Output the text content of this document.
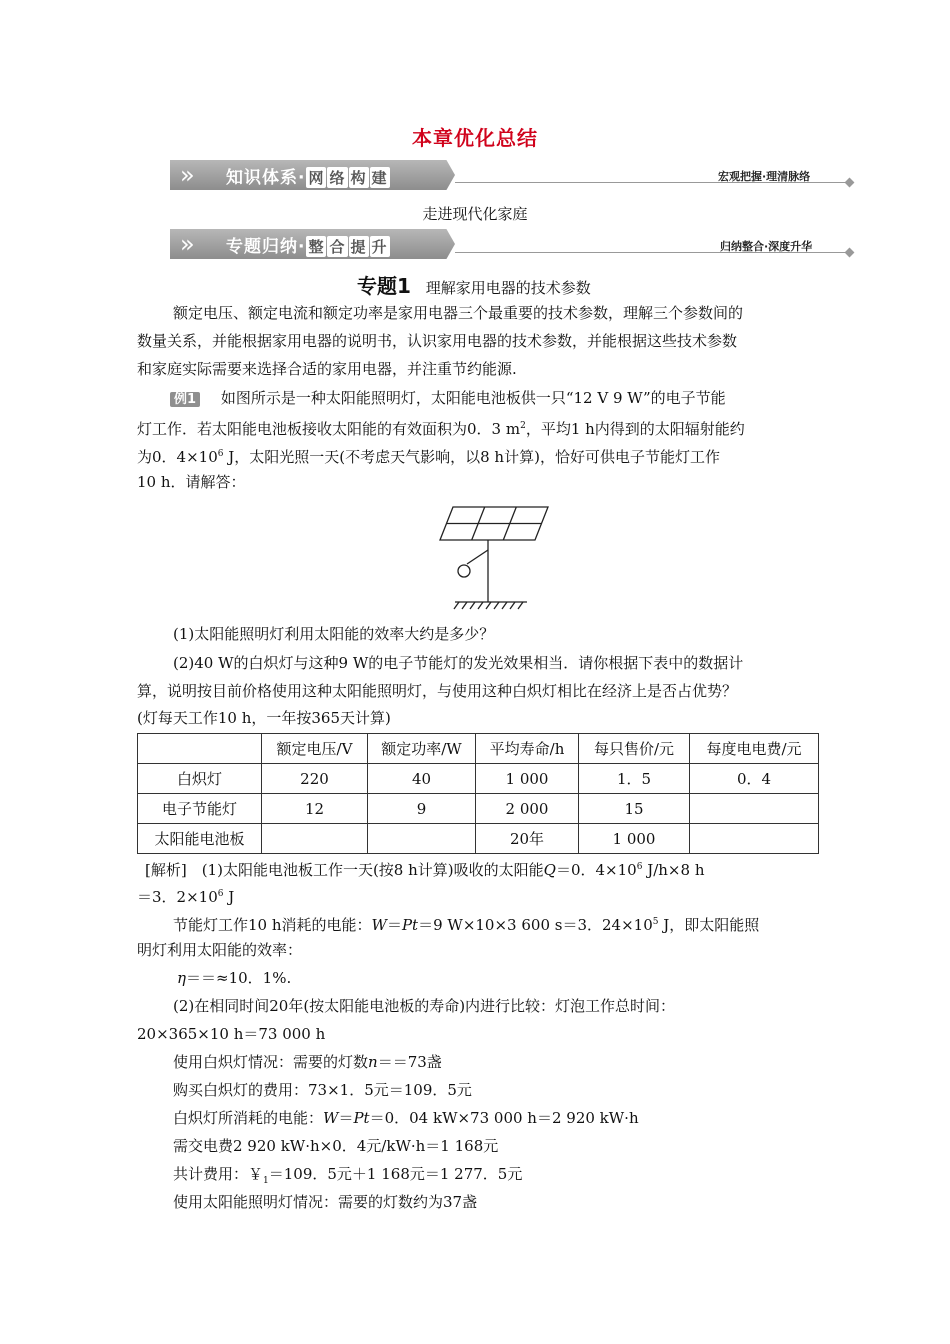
本章优化总结
» 知识体系· 网 络 构 建	宏观把握·理清脉络
走进现代化家庭
» 专题归纳· 整 合 提 升	归纳整合·深度升华
专题1 理解家用电器的技术参数
额定电压、额定电流和额定功率是家用电器三个最重要的技术参数，理解三个参数间的
数量关系，并能根据家用电器的说明书，认识家用电器的技术参数，并能根据这些技术参数
和家庭实际需要来选择合适的家用电器，并注重节约能源.
例1 如图所示是一种太阳能照明灯，太阳能电池板供一只“12 V 9 W”的电子节能
灯工作．若太阳能电池板接收太阳能的有效面积为0．3 $m^2$，平均1 h内得到的太阳辐射能约
为0．$4\times 10^6$ J，太阳光照一天(不考虑天气影响，以8 h计算)，恰好可供电子节能灯工作
10 h．请解答：
(1)太阳能照明灯利用太阳能的效率大约是多少？
(2)40 W的白炽灯与这种9 W的电子节能灯的发光效果相当．请你根据下表中的数据计
算，说明按目前价格使用这种太阳能照明灯，与使用这种白炽灯相比在经济上是否占优势？
(灯每天工作10 h，一年按365天计算)
	额定电压/V	额定功率/W	平均寿命/h	每只售价/元	每度电电费/元
白炽灯	220	40	1 000	1．5	0．4
电子节能灯	12	9	2 000	15	
太阳能电池板			20年	1 000	
[解析]　(1)太阳能电池板工作一天(按8 h计算)吸收的太阳能Q＝0．$4\times 10^6$ J/h×8 h
＝3．$2\times 10^6$ J
节能灯工作10 h消耗的电能：W＝Pt＝9 W×10×3 600 s＝3．$24\times 10^5$ J，即太阳能照
明灯利用太阳能的效率：
η＝＝≈10．1%.
(2)在相同时间20年(按太阳能电池板的寿命)内进行比较：灯泡工作总时间：
20×365×10 h＝73 000 h
使用白炽灯情况：需要的灯数n＝＝73盏
购买白炽灯的费用：73×1．5元＝109．5元
白炽灯所消耗的电能：W＝Pt＝0．04 kW×73 000 h＝2 920 kW·h
需交电费2 920 kW·h×0．4元/kW·h＝1 168元
共计费用：￥$_1$＝109．5元＋1 168元＝1 277．5元
使用太阳能照明灯情况：需要的灯数约为37盏
